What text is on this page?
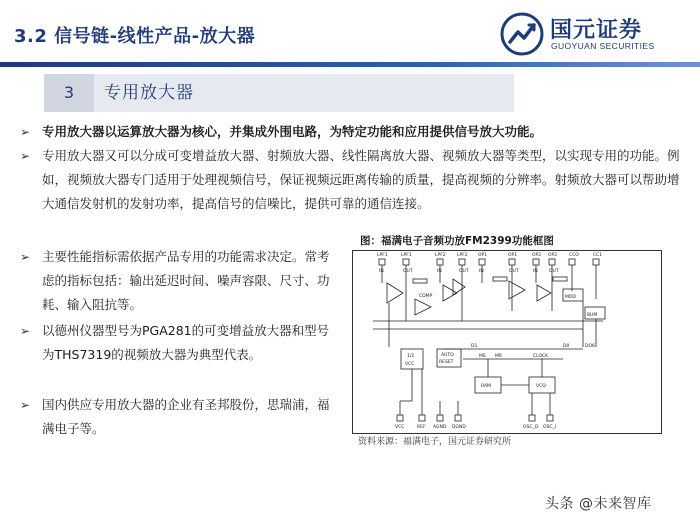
3.2 信号链-线性产品-放大器	国元证券
GUOYUAN SECURITIES
3	专用放大器
➢ 专用放大器以运算放大器为核心，并集成外围电路，为特定功能和应用提供信号放大功能。
➢ 专用放大器又可以分成可变增益放大器、射频放大器、线性隔离放大器、视频放大器等类型，以实现专用的功能。例如，视频放大器专门适用于处理视频信号，保证视频远距离传输的质量，提高视频的分辨率。射频放大器可以帮助增大通信发射机的发射功率，提高信号的信噪比，提供可靠的通信连接。
➢ 主要性能指标需依据产品专用的功能需求决定。常考虑的指标包括：输出延迟时间、噪声容限、尺寸、功耗、输入阻抗等。
➢ 以德州仪器型号为PGA281的可变增益放大器和型号为THS7319的视频放大器为典型代表。
➢ 国内供应专用放大器的企业有圣邦股份，思瑞浦，福满电子等。
图：福满电子音频功放FM2399功能框图
LPF1	LPF1	LPF2	LPF2 OP1	OP1	OP2 OP2	CCO	CC1
IN	OUT	IN	OUT IN	OUT	IN	OUT
COMP	MOD
BUM
1/2
VCC
AUTO
RESET
RAM	VCO
D1	D0	DO6
MS MR	CLOCK
VCC	REF AGND DGND	OSC_O OSC_I
资料来源：福满电子，国元证券研究所
头条 @未来智库
